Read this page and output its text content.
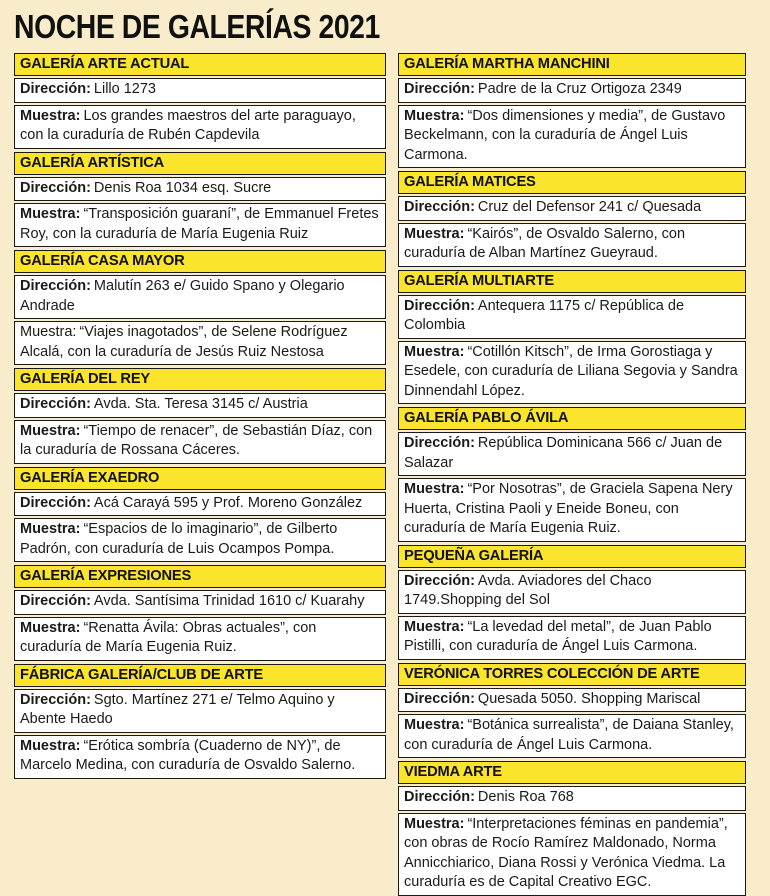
NOCHE DE GALERÍAS 2021
GALERÍA ARTE ACTUAL
Dirección: Lillo 1273
Muestra: Los grandes maestros del arte paraguayo, con la curaduría de Rubén Capdevila
GALERÍA ARTÍSTICA
Dirección: Denis Roa 1034 esq. Sucre
Muestra: “Transposición guaraní”, de Emmanuel Fretes Roy, con la curaduría de María Eugenia Ruiz
GALERÍA CASA MAYOR
Dirección: Malutín 263 e/ Guido Spano y Olegario Andrade
Muestra: “Viajes inagotados”, de Selene Rodríguez Alcalá, con la curaduría de Jesús Ruiz Nestosa
GALERÍA DEL REY
Dirección: Avda. Sta. Teresa 3145 c/ Austria
Muestra: “Tiempo de renacer”, de Sebastián Díaz, con la curaduría de Rossana Cáceres.
GALERÍA EXAEDRO
Dirección: Acá Carayá 595 y Prof. Moreno González
Muestra: “Espacios de lo imaginario”, de Gilberto Padrón, con curaduría de Luis Ocampos Pompa.
GALERÍA EXPRESIONES
Dirección: Avda. Santísima Trinidad 1610 c/ Kuarahy
Muestra: “Renatta Ávila: Obras actuales”, con curaduría de María Eugenia Ruiz.
FÁBRICA GALERÍA/CLUB DE ARTE
Dirección: Sgto. Martínez 271 e/ Telmo Aquino y Abente Haedo
Muestra: “Erótica sombría (Cuaderno de NY)”, de Marcelo Medina, con curaduría de Osvaldo Salerno.
GALERÍA MARTHA MANCHINI
Dirección: Padre de la Cruz Ortigoza 2349
Muestra: “Dos dimensiones y media”, de Gustavo Beckelmann, con la curaduría de Ángel Luis Carmona.
GALERÍA MATICES
Dirección: Cruz del Defensor 241 c/ Quesada
Muestra: “Kairós”, de Osvaldo Salerno, con curaduría de Alban Martínez Gueyraud.
GALERÍA MULTIARTE
Dirección: Antequera 1175 c/ República de Colombia
Muestra: “Cotillón Kitsch”, de Irma Gorostiaga y Esedele, con curaduría de Liliana Segovia y Sandra Dinnendahl López.
GALERÍA PABLO ÁVILA
Dirección: República Dominicana 566 c/ Juan de Salazar
Muestra: “Por Nosotras”, de Graciela Sapena Nery Huerta, Cristina Paoli y Eneide Boneu, con curaduría de María Eugenia Ruiz.
PEQUEÑA GALERÍA
Dirección: Avda. Aviadores del Chaco 1749.Shopping del Sol
Muestra: “La levedad del metal”, de Juan Pablo Pistilli, con curaduría de Ángel Luis Carmona.
VERÓNICA TORRES COLECCIÓN DE ARTE
Dirección: Quesada 5050. Shopping Mariscal
Muestra: “Botánica surrealista”, de Daiana Stanley, con curaduría de Ángel Luis Carmona.
VIEDMA ARTE
Dirección: Denis Roa 768
Muestra: “Interpretaciones féminas en pandemia”, con obras de Rocío Ramírez Maldonado, Norma Annicchiarico, Diana Rossi y Verónica Viedma. La curaduría es de Capital Creativo EGC.
